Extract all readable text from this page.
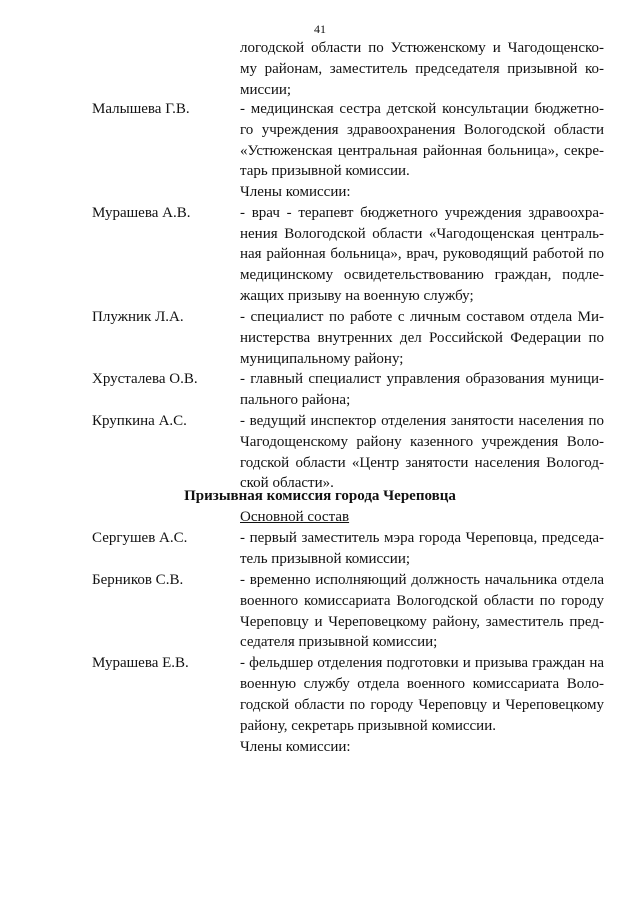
41
логодской области по Устюженскому и Чагодощенско-
му районам, заместитель председателя призывной ко-
миссии;
Малышева Г.В.	- медицинская сестра детской консультации бюджетно-
го учреждения здравоохранения Вологодской области
«Устюженская центральная районная больница», секре-
тарь призывной комиссии.
Члены комиссии:
Мурашева А.В.	- врач - терапевт бюджетного учреждения здравоохра-
нения Вологодской области «Чагодощенская централь-
ная районная больница», врач, руководящий работой по
медицинскому освидетельствованию граждан, подле-
жащих призыву на военную службу;
Плужник Л.А.	- специалист по работе с личным составом отдела Ми-
нистерства внутренних дел Российской Федерации по
муниципальному району;
Хрусталева О.В.	- главный специалист управления образования муници-
пального района;
Крупкина А.С.	- ведущий инспектор отделения занятости населения по
Чагодощенскому району казенного учреждения Воло-
годской области «Центр занятости населения Вологод-
ской области».
Призывная комиссия города Череповца
Основной состав
Сергушев А.С.	- первый заместитель мэра города Череповца, председа-
тель призывной комиссии;
Берников С.В.	- временно исполняющий должность начальника отдела
военного комиссариата Вологодской области по городу
Череповцу и Череповецкому району, заместитель пред-
седателя призывной комиссии;
Мурашева Е.В.	- фельдшер отделения подготовки и призыва граждан на
военную службу отдела военного комиссариата Воло-
годской области по городу Череповцу и Череповецкому
району, секретарь призывной комиссии.
Члены комиссии:
